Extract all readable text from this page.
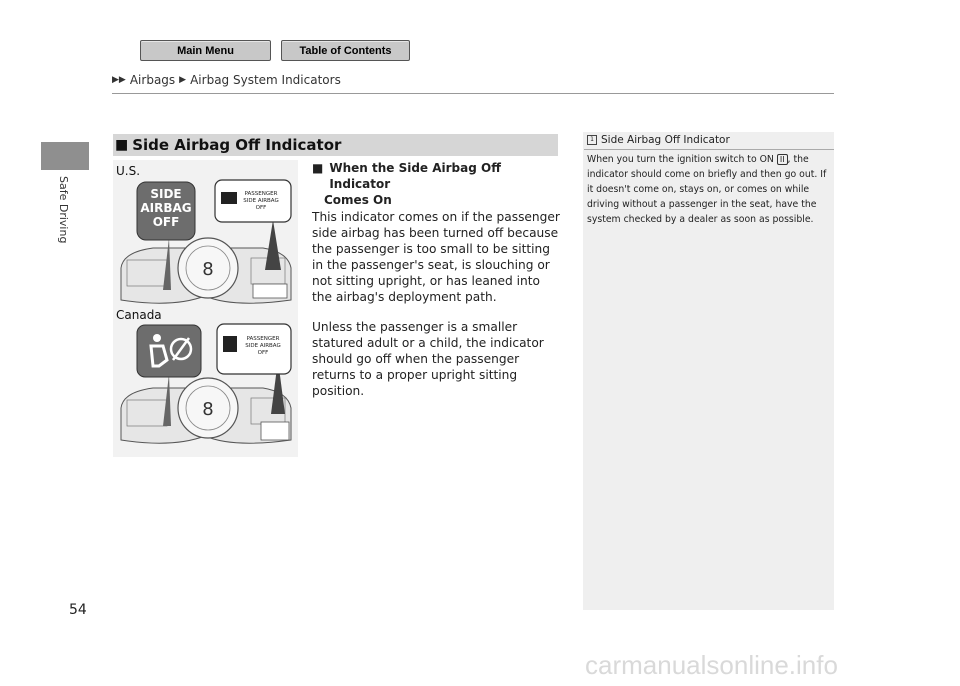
Main Menu	Table of Contents
▶▶ Airbags ▶ Airbag System Indicators
Safe Driving
54
■ Side Airbag Off Indicator
8
SIDE
AIRBAG
OFF
PASSENGER
SIDE AIRBAG
OFF
8
PASSENGER
SIDE AIRBAG
OFF
U.S.
Canada
■ When the Side Airbag Off Indicator
Comes On

This indicator comes on if the passenger side airbag has been turned off because the passenger is too small to be sitting in the passenger's seat, is slouching or not sitting upright, or has leaned into the airbag's deployment path.

Unless the passenger is a smaller statured adult or a child, the indicator should go off when the passenger returns to a proper upright sitting position.

1 Side Airbag Off Indicator
When you turn the ignition switch to ON II , the indicator should come on briefly and then go out. If it doesn't come on, stays on, or comes on while driving without a passenger in the seat, have the system checked by a dealer as soon as possible.
carmanualsonline.info
